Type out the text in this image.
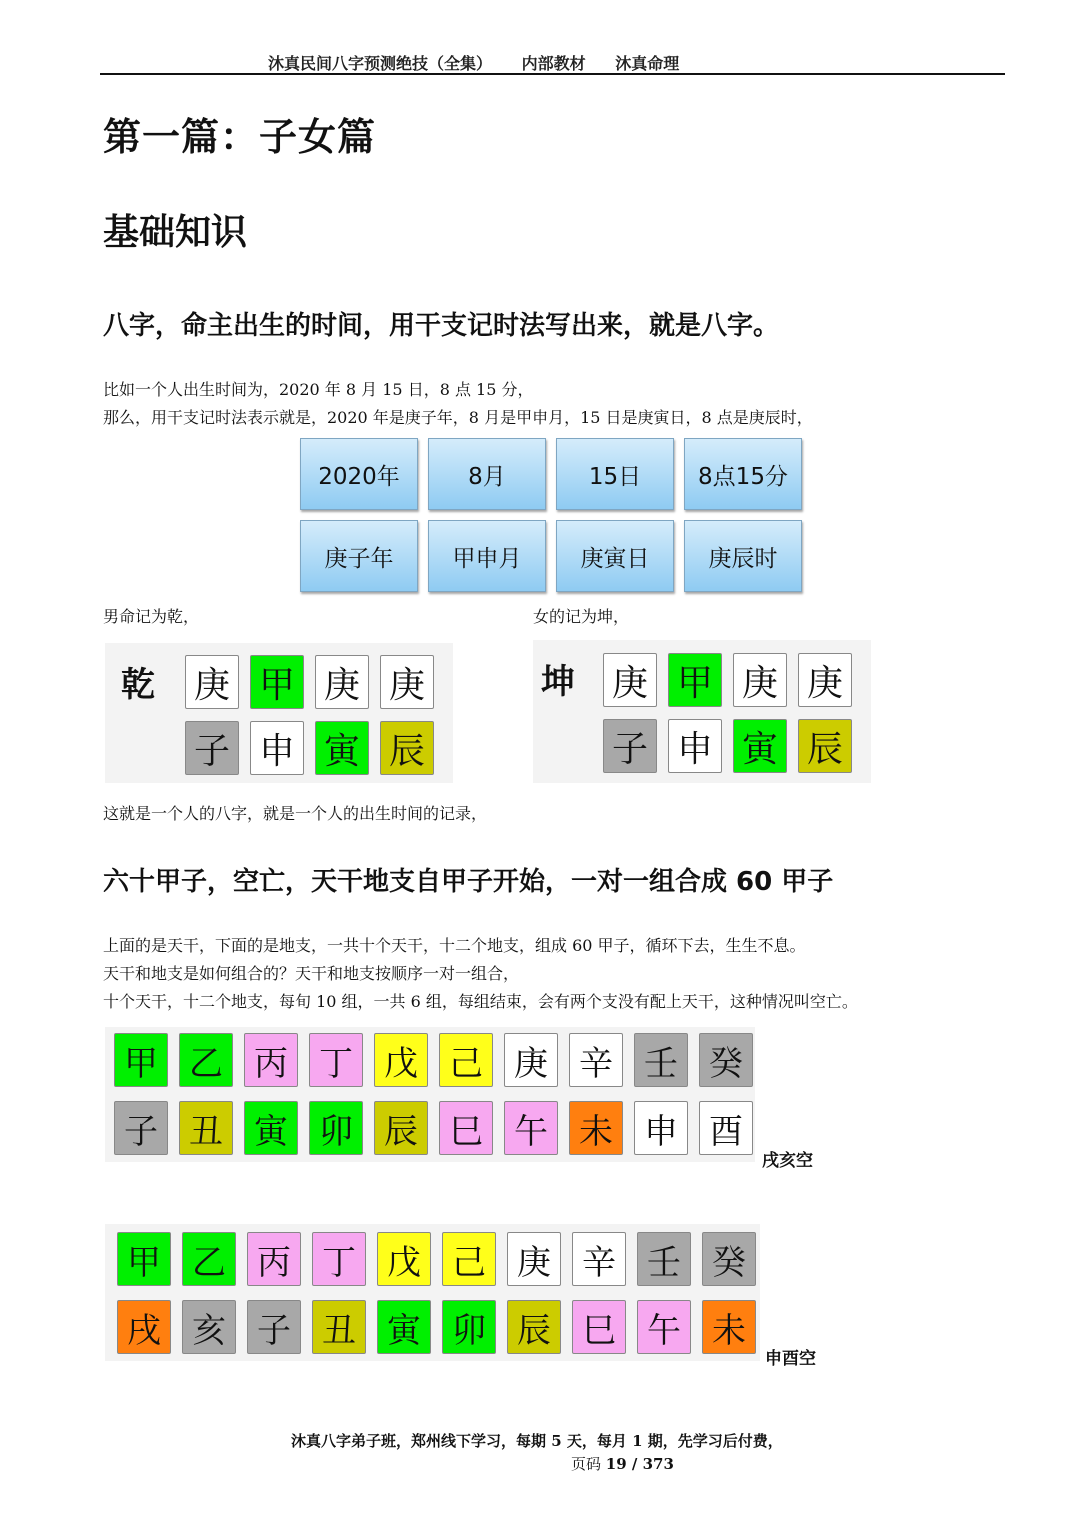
沐真民间八字预测绝技（全集） 内部教材 沐真命理
第一篇：子女篇
基础知识
八字，命主出生的时间，用干支记时法写出来，就是八字。
比如一个人出生时间为，2020 年 8 月 15 日，8 点 15 分，
那么，用干支记时法表示就是，2020 年是庚子年，8 月是甲申月，15 日是庚寅日，8 点是庚辰时，
2020年	8月	15日	8点15分
庚子年	甲申月	庚寅日	庚辰时
男命记为乾，	女的记为坤，
乾 庚 甲 庚 庚
子 申 寅 辰
坤 庚 甲 庚 庚
子 申 寅 辰
这就是一个人的八字，就是一个人的出生时间的记录，
六十甲子，空亡，天干地支自甲子开始，一对一组合成 60 甲子
上面的是天干，下面的是地支，一共十个天干，十二个地支，组成 60 甲子，循环下去，生生不息。
天干和地支是如何组合的？天干和地支按顺序一对一组合，
十个天干，十二个地支，每旬 10 组，一共 6 组，每组结束，会有两个支没有配上天干，这种情况叫空亡。
甲 乙 丙 丁 戊 己 庚 辛 壬 癸
子 丑 寅 卯 辰 巳 午 未 申 酉
戌亥空
甲 乙 丙 丁 戊 己 庚 辛 壬 癸
戌 亥 子 丑 寅 卯 辰 巳 午 未
申酉空
沐真八字弟子班，郑州线下学习，每期 5 天，每月 1 期，先学习后付费，
页码 19 / 373
